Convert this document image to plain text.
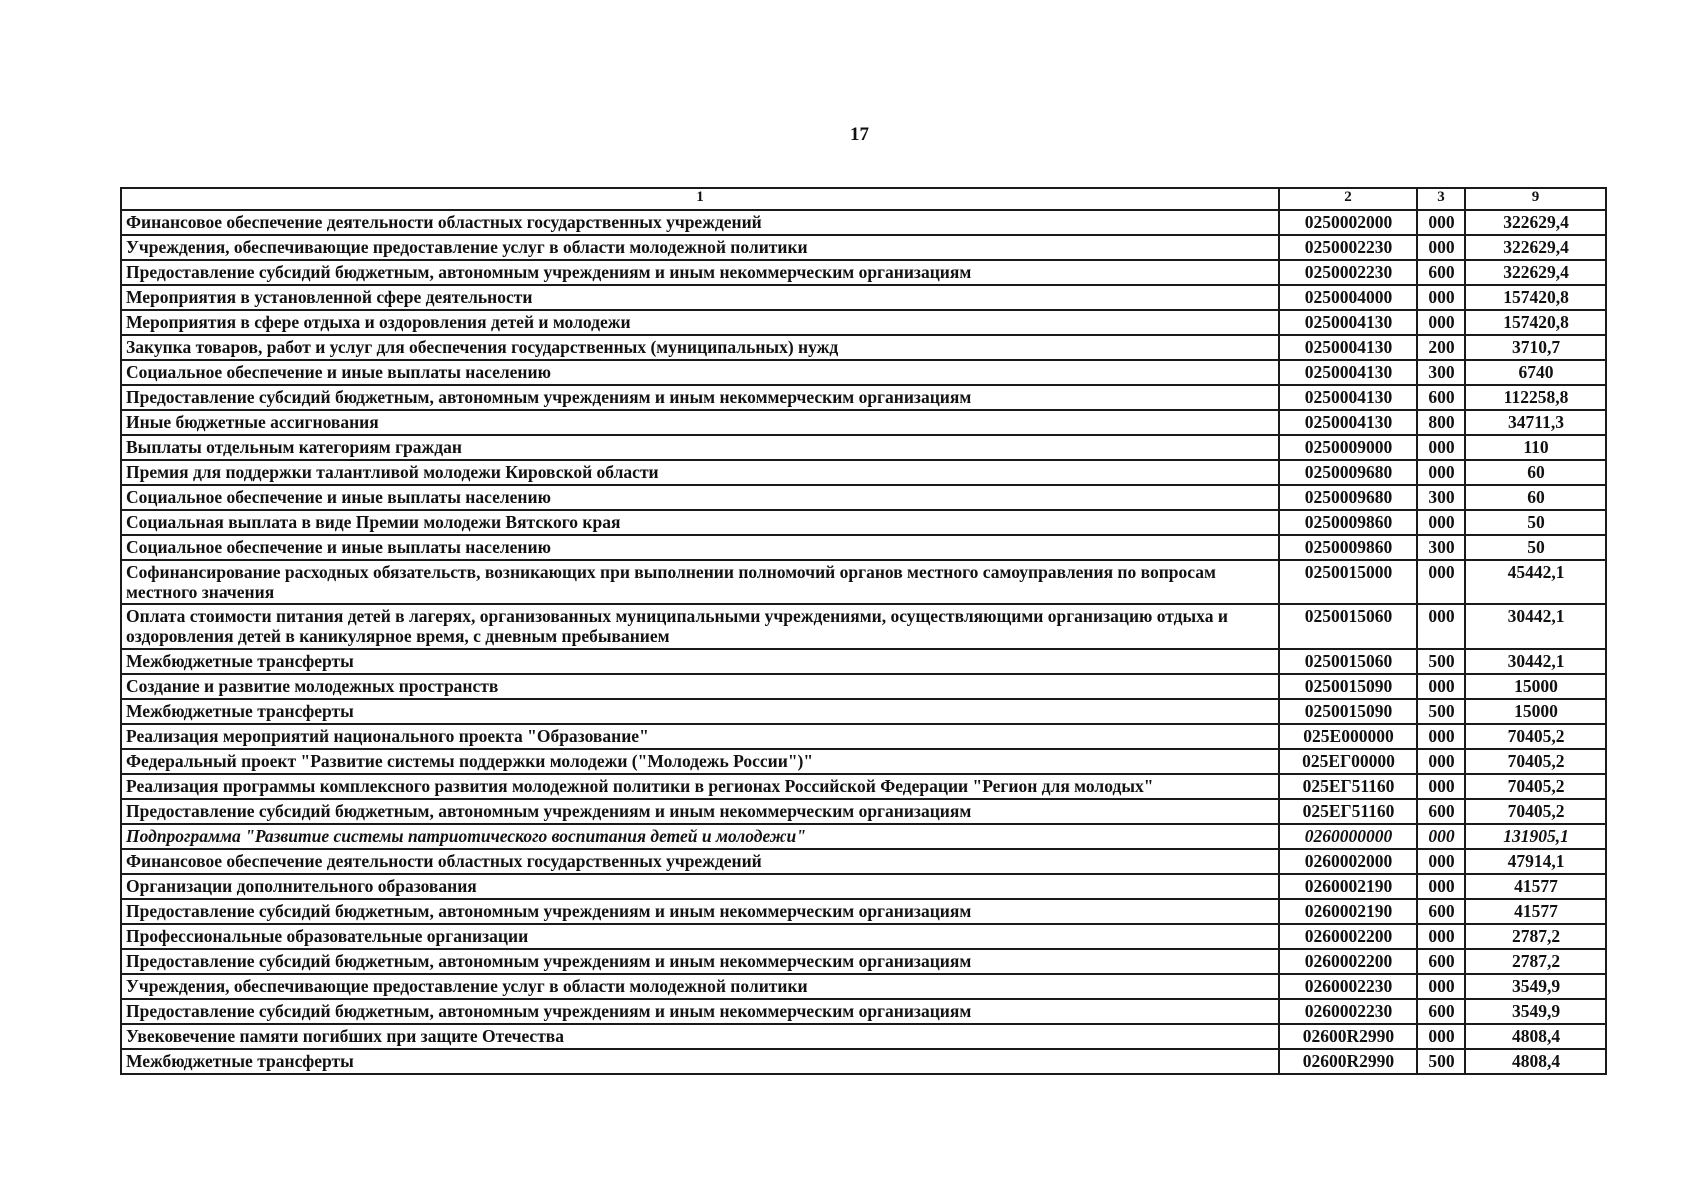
17
1	2	3	9
Финансовое обеспечение деятельности областных государственных учреждений	0250002000	000	322629,4
Учреждения, обеспечивающие предоставление услуг в области молодежной политики	0250002230	000	322629,4
Предоставление субсидий бюджетным, автономным учреждениям и иным некоммерческим организациям	0250002230	600	322629,4
Мероприятия в установленной сфере деятельности	0250004000	000	157420,8
Мероприятия в сфере отдыха и оздоровления детей и молодежи	0250004130	000	157420,8
Закупка товаров, работ и услуг для обеспечения государственных (муниципальных) нужд	0250004130	200	3710,7
Социальное обеспечение и иные выплаты населению	0250004130	300	6740
Предоставление субсидий бюджетным, автономным учреждениям и иным некоммерческим организациям	0250004130	600	112258,8
Иные бюджетные ассигнования	0250004130	800	34711,3
Выплаты отдельным категориям граждан	0250009000	000	110
Премия для поддержки талантливой молодежи Кировской области	0250009680	000	60
Социальное обеспечение и иные выплаты населению	0250009680	300	60
Социальная выплата в виде Премии молодежи Вятского края	0250009860	000	50
Социальное обеспечение и иные выплаты населению	0250009860	300	50
Софинансирование расходных обязательств, возникающих при выполнении полномочий органов местного самоуправления по вопросам местного значения	0250015000	000	45442,1
Оплата стоимости питания детей в лагерях, организованных муниципальными учреждениями, осуществляющими организацию отдыха и оздоровления детей в каникулярное время, с дневным пребыванием	0250015060	000	30442,1
Межбюджетные трансферты	0250015060	500	30442,1
Создание и развитие молодежных пространств	0250015090	000	15000
Межбюджетные трансферты	0250015090	500	15000
Реализация мероприятий национального проекта "Образование"	025E000000	000	70405,2
Федеральный проект "Развитие системы поддержки молодежи ("Молодежь России")"	025ЕГ00000	000	70405,2
Реализация программы комплексного развития молодежной политики в регионах Российской Федерации "Регион для молодых"	025ЕГ51160	000	70405,2
Предоставление субсидий бюджетным, автономным учреждениям и иным некоммерческим организациям	025ЕГ51160	600	70405,2
Подпрограмма "Развитие системы патриотического воспитания детей и молодежи"	0260000000	000	131905,1
Финансовое обеспечение деятельности областных государственных учреждений	0260002000	000	47914,1
Организации дополнительного образования	0260002190	000	41577
Предоставление субсидий бюджетным, автономным учреждениям и иным некоммерческим организациям	0260002190	600	41577
Профессиональные образовательные организации	0260002200	000	2787,2
Предоставление субсидий бюджетным, автономным учреждениям и иным некоммерческим организациям	0260002200	600	2787,2
Учреждения, обеспечивающие предоставление услуг в области молодежной политики	0260002230	000	3549,9
Предоставление субсидий бюджетным, автономным учреждениям и иным некоммерческим организациям	0260002230	600	3549,9
Увековечение памяти погибших при защите Отечества	02600R2990	000	4808,4
Межбюджетные трансферты	02600R2990	500	4808,4
